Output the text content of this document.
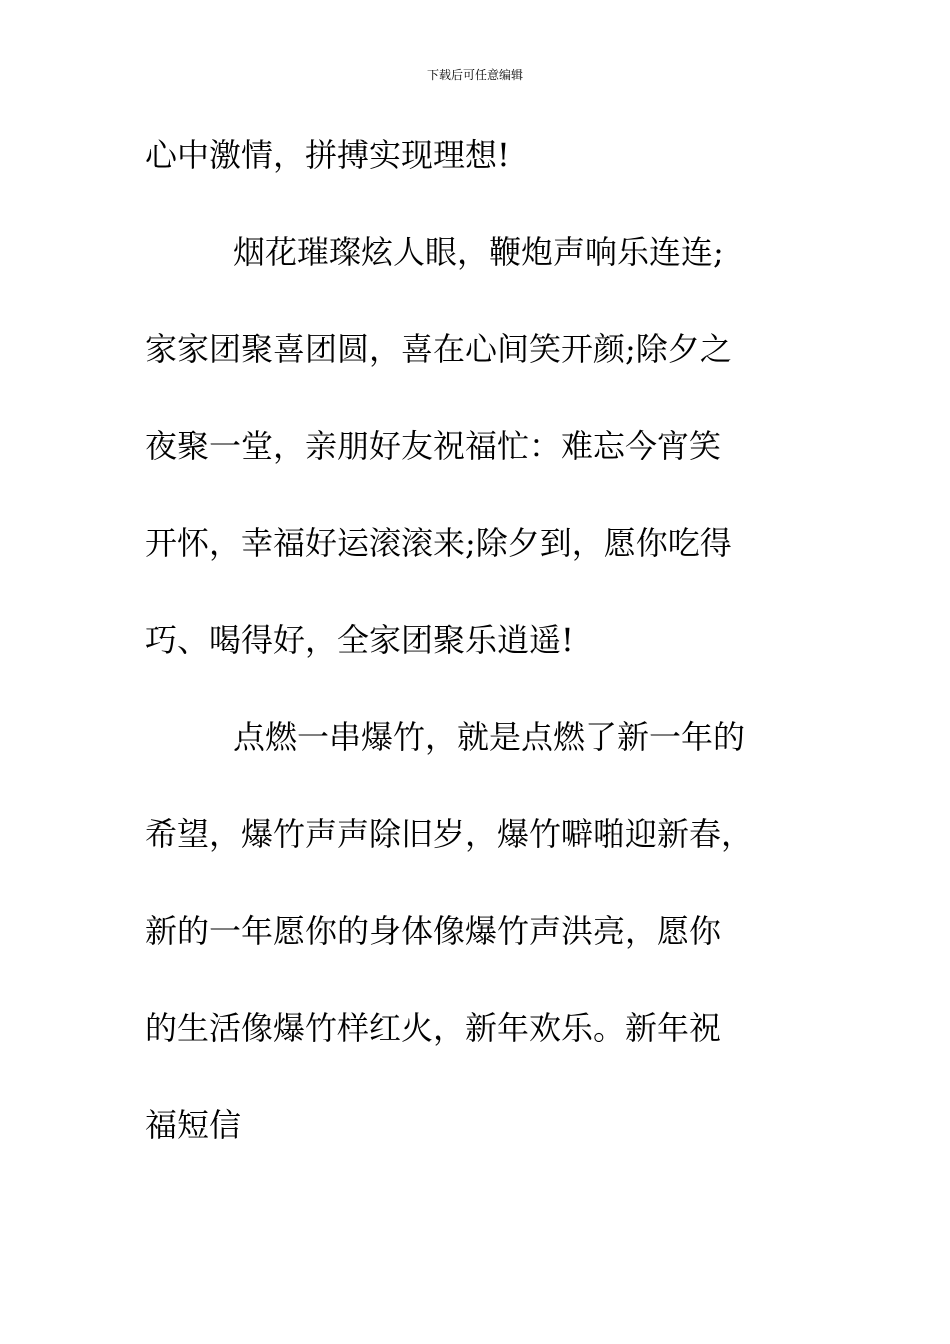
下载后可任意编辑
心中激情，拼搏实现理想!
烟花璀璨炫人眼，鞭炮声响乐连连;
家家团聚喜团圆，喜在心间笑开颜;除夕之
夜聚一堂，亲朋好友祝福忙：难忘今宵笑
开怀，幸福好运滚滚来;除夕到，愿你吃得
巧、喝得好，全家团聚乐逍遥!
点燃一串爆竹，就是点燃了新一年的
希望，爆竹声声除旧岁，爆竹噼啪迎新春，
新的一年愿你的身体像爆竹声洪亮，愿你
的生活像爆竹样红火，新年欢乐。新年祝
福短信
